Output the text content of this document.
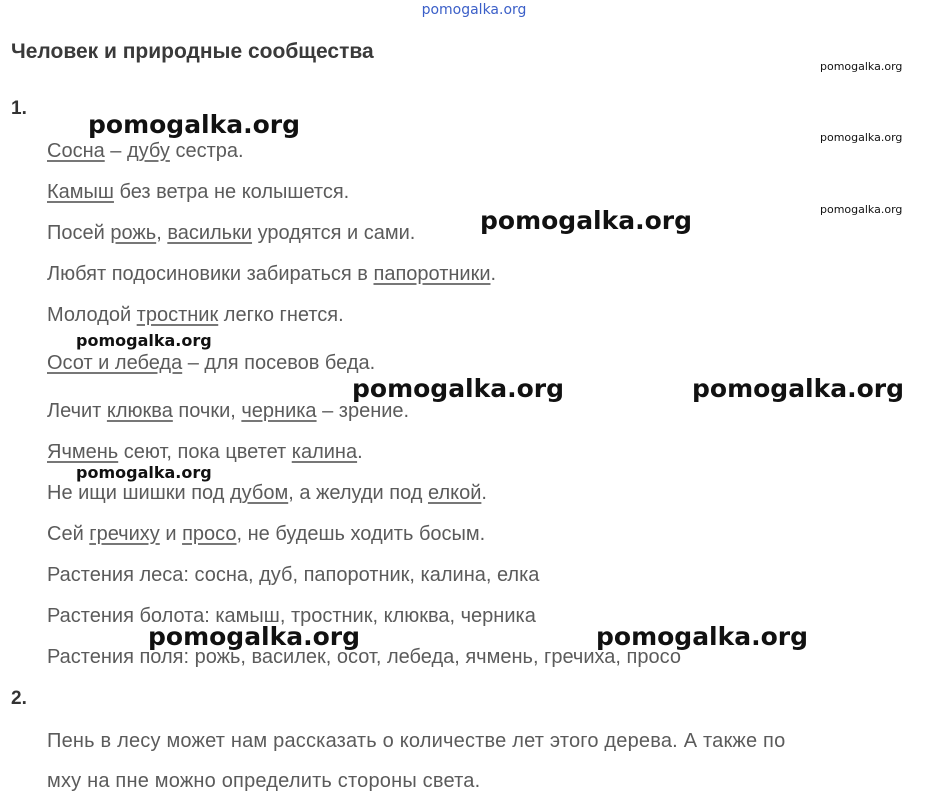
pomogalka.org
Человек и природные сообщества
1.
Сосна – дубу сестра.
Камыш без ветра не колышется.
Посей рожь, васильки уродятся и сами.
Любят подосиновики забираться в папоротники.
Молодой тростник легко гнется.
Осот и лебеда – для посевов беда.
Лечит клюква почки, черника – зрение.
Ячмень сеют, пока цветет калина.
Не ищи шишки под дубом, а желуди под елкой.
Сей гречиху и просо, не будешь ходить босым.
Растения леса: сосна, дуб, папоротник, калина, елка
Растения болота: камыш, тростник, клюква, черника
Растения поля: рожь, василек, осот, лебеда, ячмень, гречиха, просо
2.
Пень в лесу может нам рассказать о количестве лет этого дерева. А также по
мху на пне можно определить стороны света.
pomogalka.org
pomogalka.org
pomogalka.org
pomogalka.org
pomogalka.org
pomogalka.org	pomogalka.org
pomogalka.org	pomogalka.org
pomogalka.org
pomogalka.org
